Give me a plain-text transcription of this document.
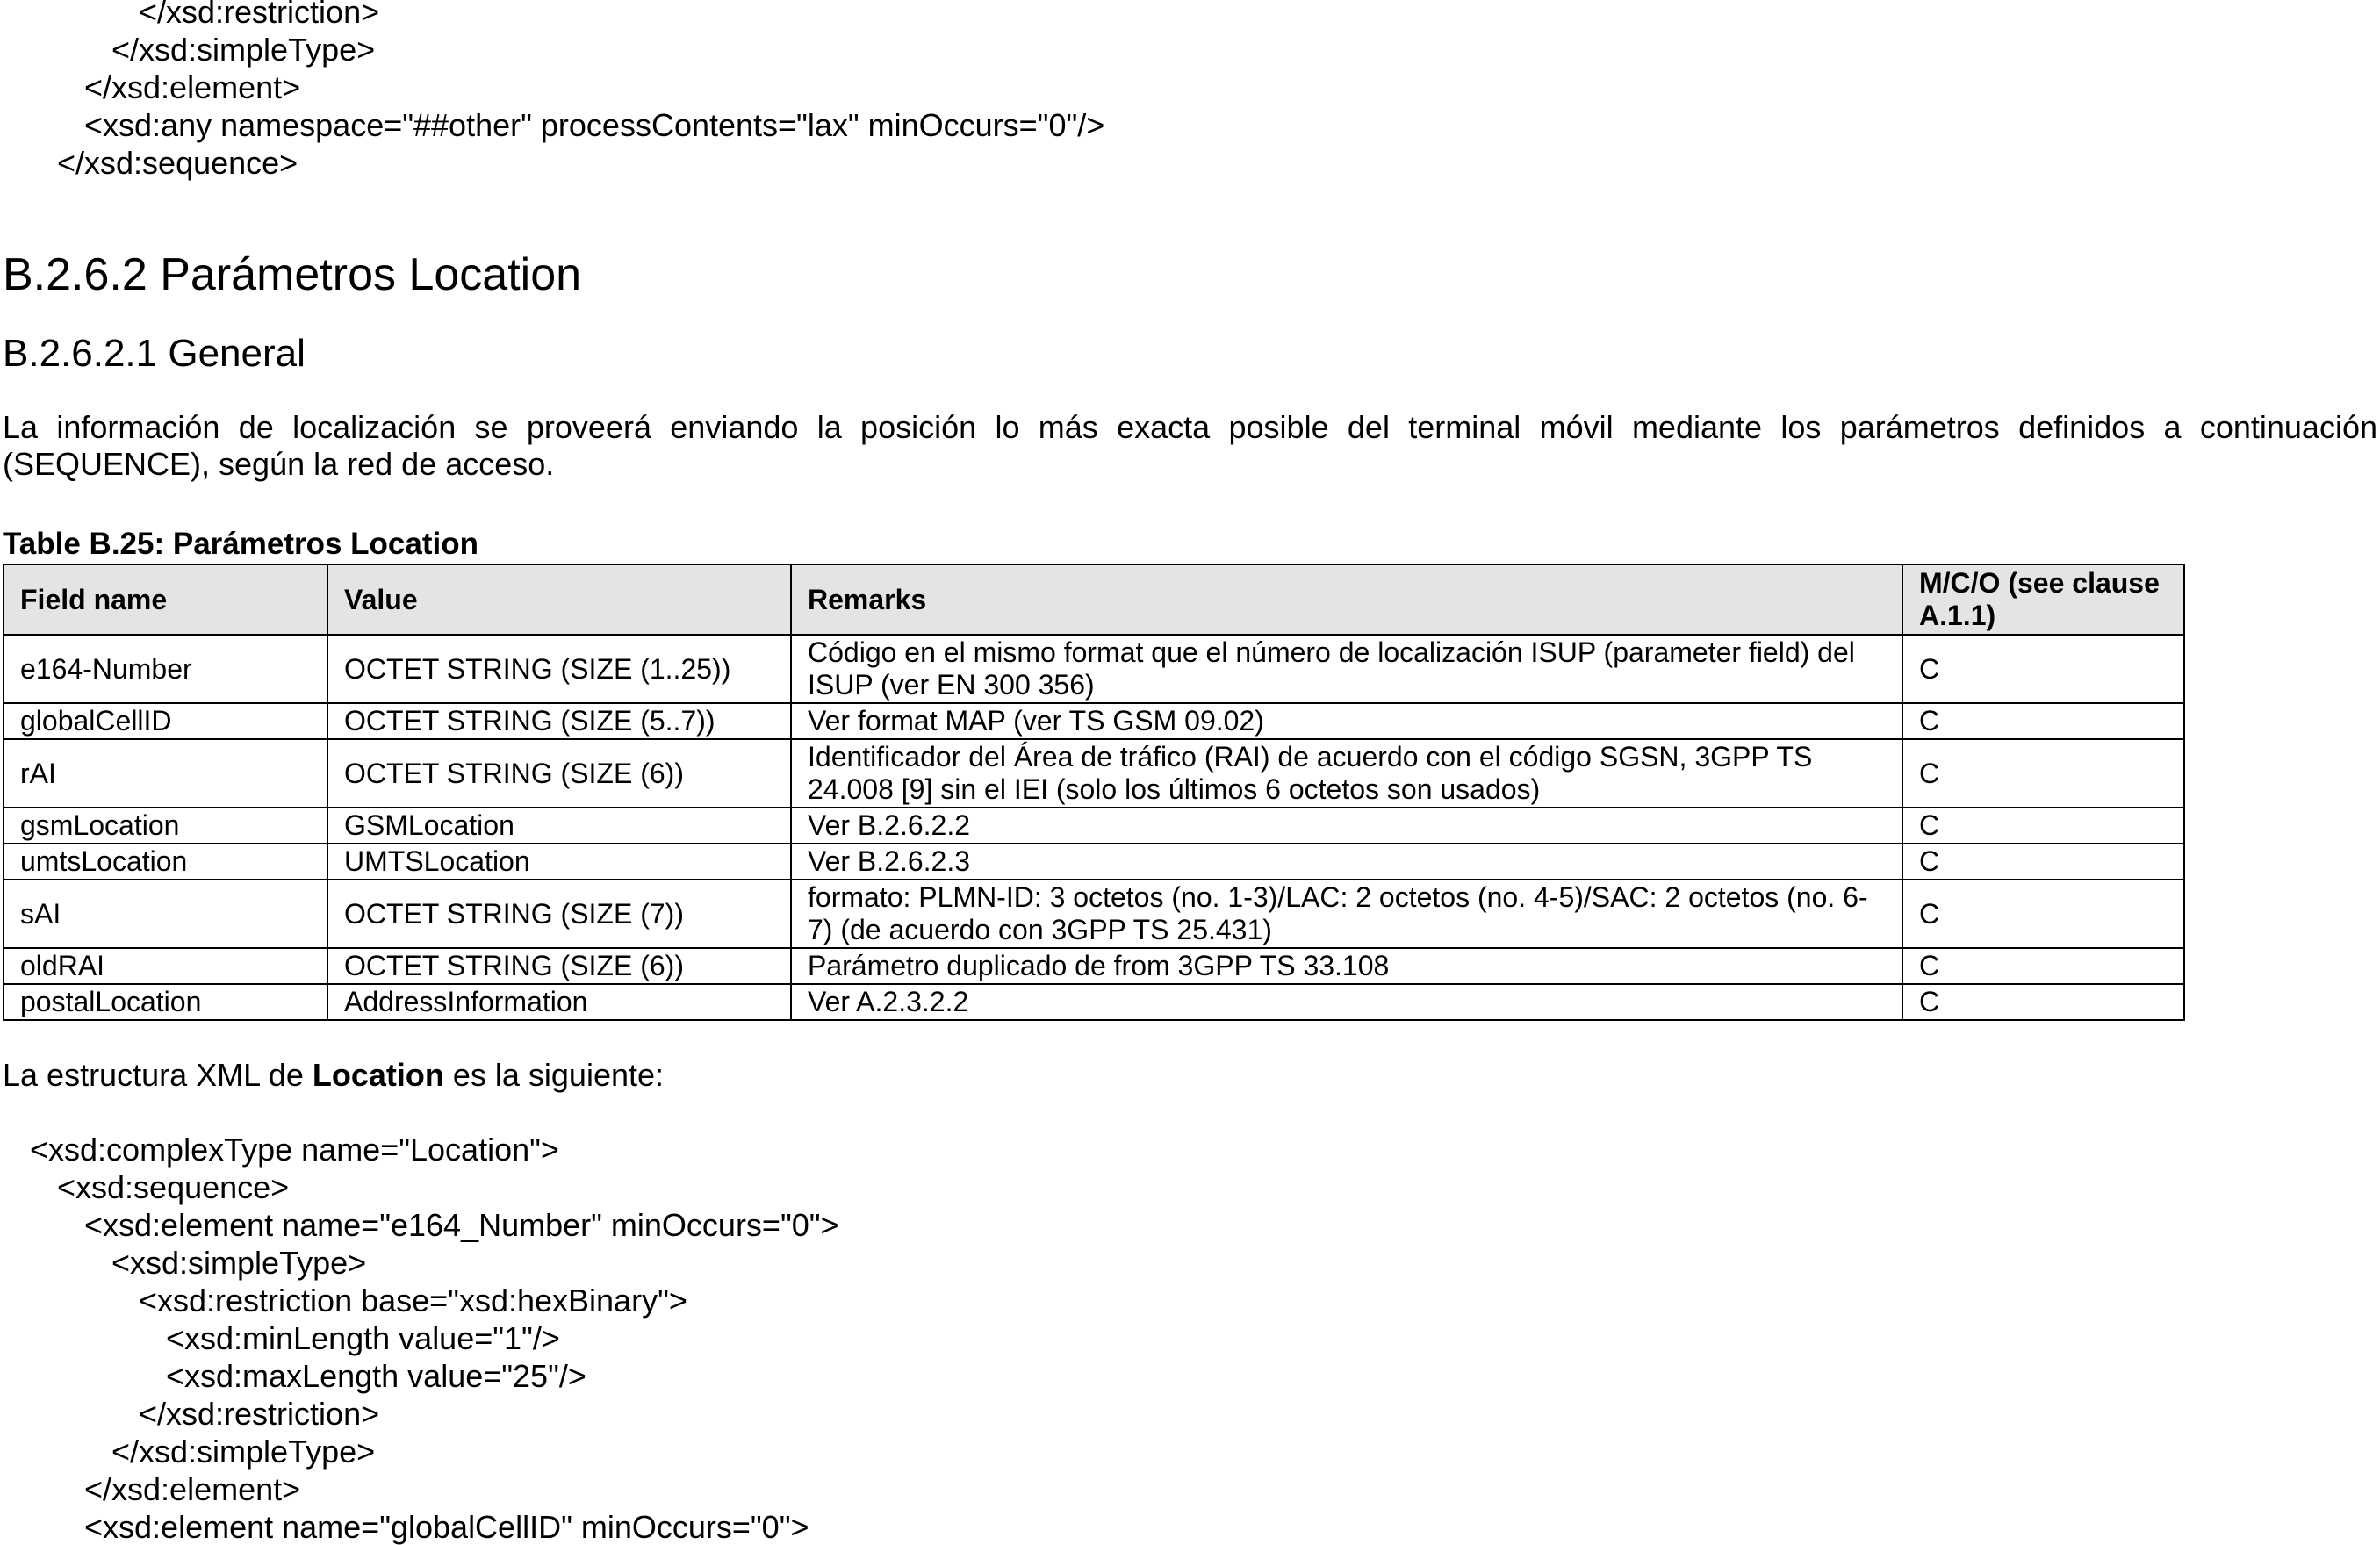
</xsd:restriction>
</xsd:simpleType>
</xsd:element>
<xsd:any namespace="##other" processContents="lax" minOccurs="0"/>
</xsd:sequence>
B.2.6.2 Parámetros Location
B.2.6.2.1 General
La información de localización se proveerá enviando la posición lo más exacta posible del terminal móvil mediante los parámetros definidos a continuación (SEQUENCE), según la red de acceso.
Table B.25: Parámetros Location
Field name	Value	Remarks	M/C/O (see clause A.1.1)
e164-Number	OCTET STRING (SIZE (1..25))	Código en el mismo format que el número de localización ISUP (parameter field) del ISUP (ver EN 300 356)	C
globalCellID	OCTET STRING (SIZE (5..7))	Ver format MAP (ver TS GSM 09.02)	C
rAI	OCTET STRING (SIZE (6))	Identificador del Área de tráfico (RAI) de acuerdo con el código SGSN, 3GPP TS 24.008 [9] sin el IEI (solo los últimos 6 octetos son usados)	C
gsmLocation	GSMLocation	Ver B.2.6.2.2	C
umtsLocation	UMTSLocation	Ver B.2.6.2.3	C
sAI	OCTET STRING (SIZE (7))	formato: PLMN-ID: 3 octetos (no. 1-3)/LAC: 2 octetos (no. 4-5)/SAC: 2 octetos (no. 6-7) (de acuerdo con 3GPP TS 25.431)	C
oldRAI	OCTET STRING (SIZE (6))	Parámetro duplicado de from 3GPP TS 33.108	C
postalLocation	AddressInformation	Ver A.2.3.2.2	C
La estructura XML de Location es la siguiente:
<xsd:complexType name="Location">
<xsd:sequence>
<xsd:element name="e164_Number" minOccurs="0">
<xsd:simpleType>
<xsd:restriction base="xsd:hexBinary">
<xsd:minLength value="1"/>
<xsd:maxLength value="25"/>
</xsd:restriction>
</xsd:simpleType>
</xsd:element>
<xsd:element name="globalCellID" minOccurs="0">
